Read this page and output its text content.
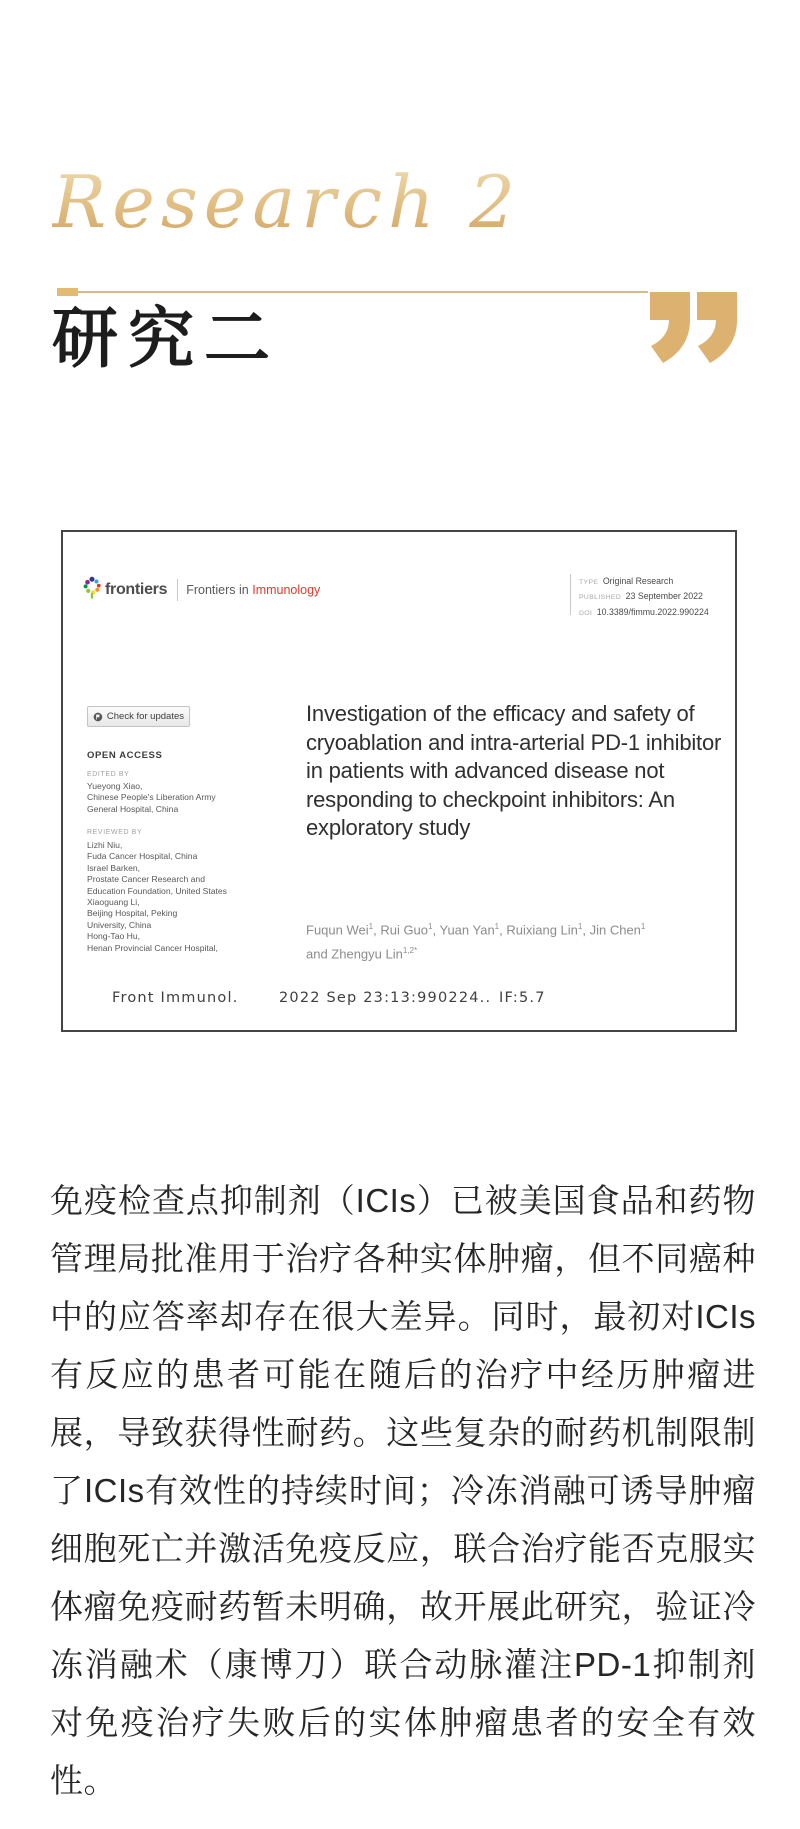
Research 2
研究二
frontiers Frontiers in Immunology
TYPE Original Research
PUBLISHED 23 September 2022
DOI 10.3389/fimmu.2022.990224
Check for updates
OPEN ACCESS
EDITED BY
Yueyong Xiao,
Chinese People's Liberation Army
General Hospital, China
REVIEWED BY
Lizhi Niu,
Fuda Cancer Hospital, China
Israel Barken,
Prostate Cancer Research and
Education Foundation, United States
Xiaoguang Li,
Beijing Hospital, Peking
University, China
Hong-Tao Hu,
Henan Provincial Cancer Hospital,
Investigation of the efficacy and safety of cryoablation and intra-arterial PD-1 inhibitor in patients with advanced disease not responding to checkpoint inhibitors: An exploratory study
Fuqun Wei$^1$, Rui Guo$^1$, Yuan Yan$^1$, Ruixiang Lin$^1$, Jin Chen$^1$
and Zhengyu Lin$^{1,2*}$
Front Immunol.	2022 Sep 23:13:990224.. IF:5.7
免疫检查点抑制剂（ICIs）已被美国食品和药物管理局批准用于治疗各种实体肿瘤，但不同癌种中的应答率却存在很大差异。同时，最初对ICIs有反应的患者可能在随后的治疗中经历肿瘤进展，导致获得性耐药。这些复杂的耐药机制限制了ICIs有效性的持续时间；冷冻消融可诱导肿瘤细胞死亡并激活免疫反应，联合治疗能否克服实体瘤免疫耐药暂未明确，故开展此研究，验证冷冻消融术（康博刀）联合动脉灌注PD-1抑制剂对免疫治疗失败后的实体肿瘤患者的安全有效性。
